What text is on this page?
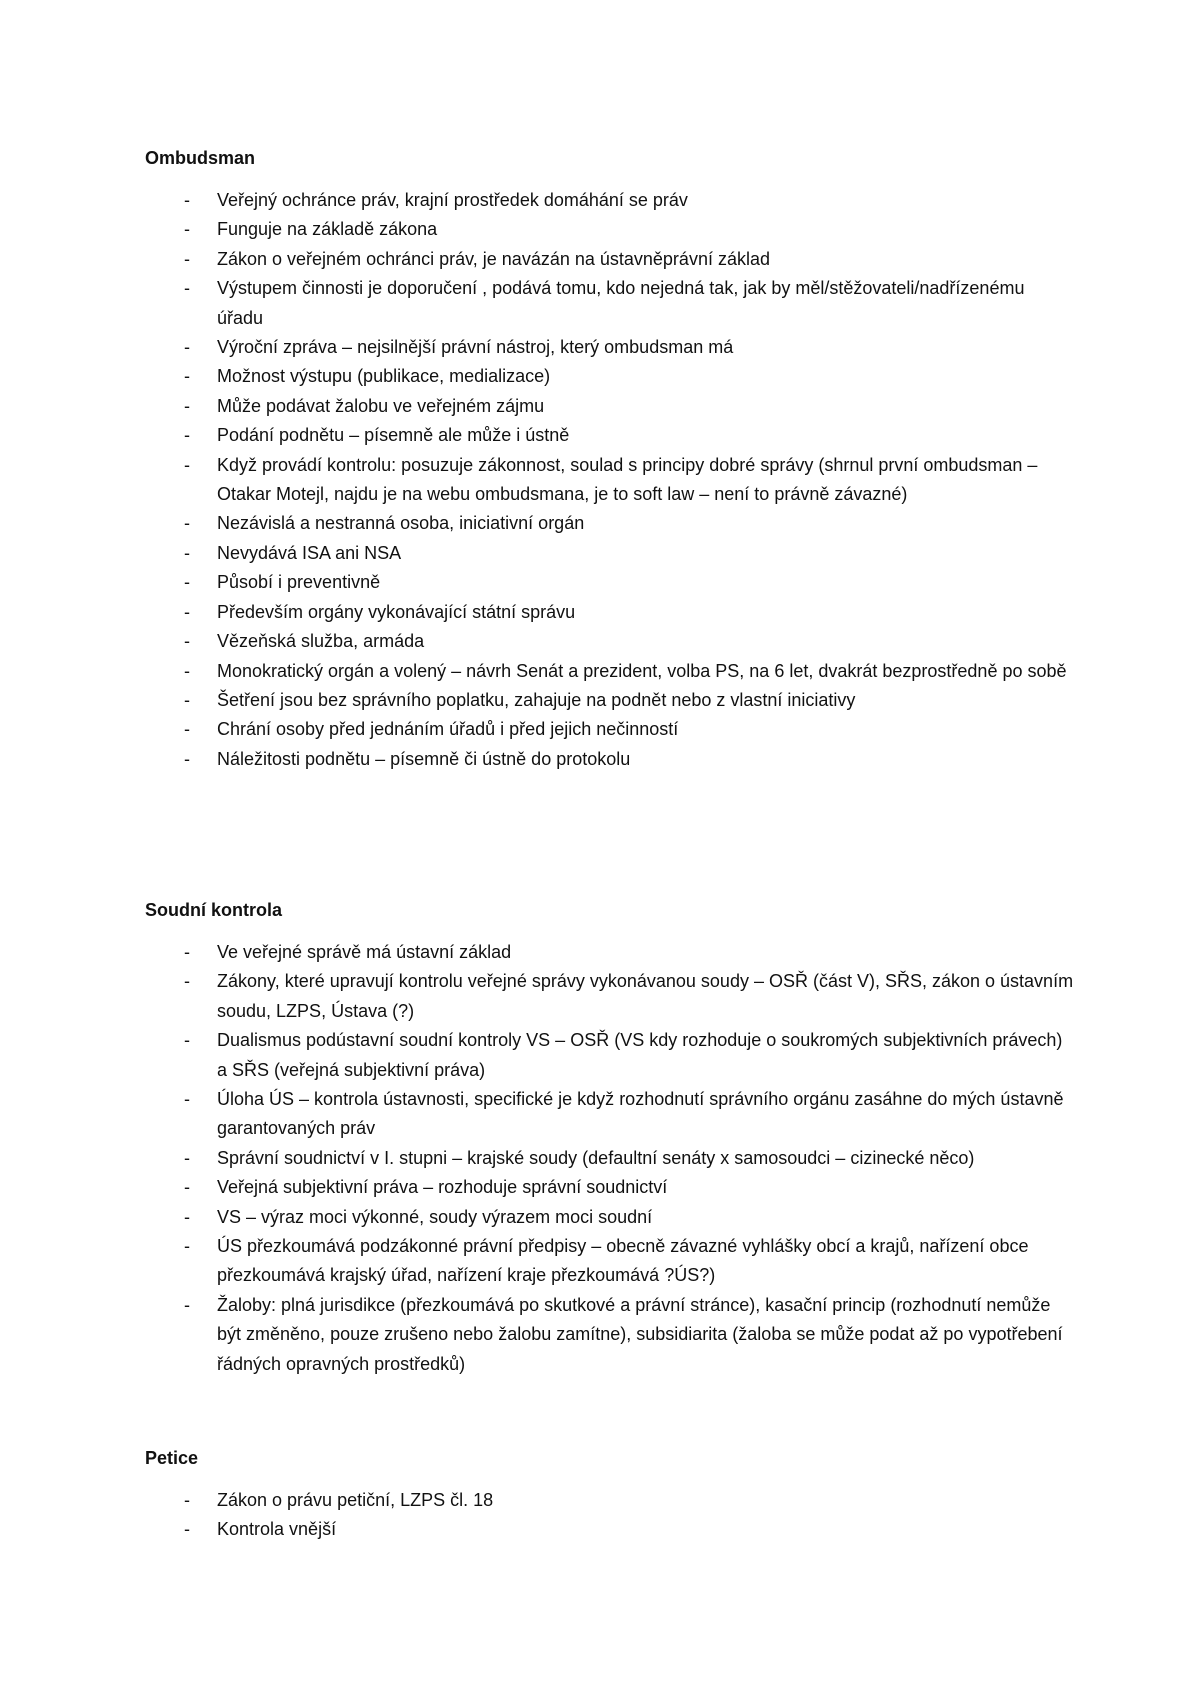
Ombudsman
- Veřejný ochránce práv, krajní prostředek domáhání se práv
- Funguje na základě zákona
- Zákon o veřejném ochránci práv, je navázán na ústavněprávní základ
- Výstupem činnosti je doporučení , podává tomu, kdo nejedná tak, jak by měl/stěžovateli/nadřízenému úřadu
- Výroční zpráva – nejsilnější právní nástroj, který ombudsman má
- Možnost výstupu (publikace, medializace)
- Může podávat žalobu ve veřejném zájmu
- Podání podnětu – písemně ale může i ústně
- Když provádí kontrolu: posuzuje zákonnost, soulad s principy dobré správy (shrnul první ombudsman – Otakar Motejl, najdu je na webu ombudsmana, je to soft law – není to právně závazné)
- Nezávislá a nestranná osoba, iniciativní orgán
- Nevydává ISA ani NSA
- Působí i preventivně
- Především orgány vykonávající státní správu
- Vězeňská služba, armáda
- Monokratický orgán a volený – návrh Senát a prezident, volba PS, na 6 let, dvakrát bezprostředně po sobě
- Šetření jsou bez správního poplatku, zahajuje na podnět nebo z vlastní iniciativy
- Chrání osoby před jednáním úřadů i před jejich nečinností
- Náležitosti podnětu – písemně či ústně do protokolu
Soudní kontrola
- Ve veřejné správě má ústavní základ
- Zákony, které upravují kontrolu veřejné správy vykonávanou soudy – OSŘ (část V), SŘS, zákon o ústavním soudu, LZPS, Ústava (?)
- Dualismus podústavní soudní kontroly VS – OSŘ (VS kdy rozhoduje o soukromých subjektivních právech) a SŘS (veřejná subjektivní práva)
- Úloha ÚS – kontrola ústavnosti, specifické je když rozhodnutí správního orgánu zasáhne do mých ústavně garantovaných práv
- Správní soudnictví v I. stupni – krajské soudy (defaultní senáty x samosoudci – cizinecké něco)
- Veřejná subjektivní práva – rozhoduje správní soudnictví
- VS – výraz moci výkonné, soudy výrazem moci soudní
- ÚS přezkoumává podzákonné právní předpisy – obecně závazné vyhlášky obcí a krajů, nařízení obce přezkoumává krajský úřad, nařízení kraje přezkoumává ?ÚS?)
- Žaloby: plná jurisdikce (přezkoumává po skutkové a právní stránce), kasační princip (rozhodnutí nemůže být změněno, pouze zrušeno nebo žalobu zamítne), subsidiarita (žaloba se může podat až po vypotřebení řádných opravných prostředků)
Petice
- Zákon o právu petiční, LZPS čl. 18
- Kontrola vnější
